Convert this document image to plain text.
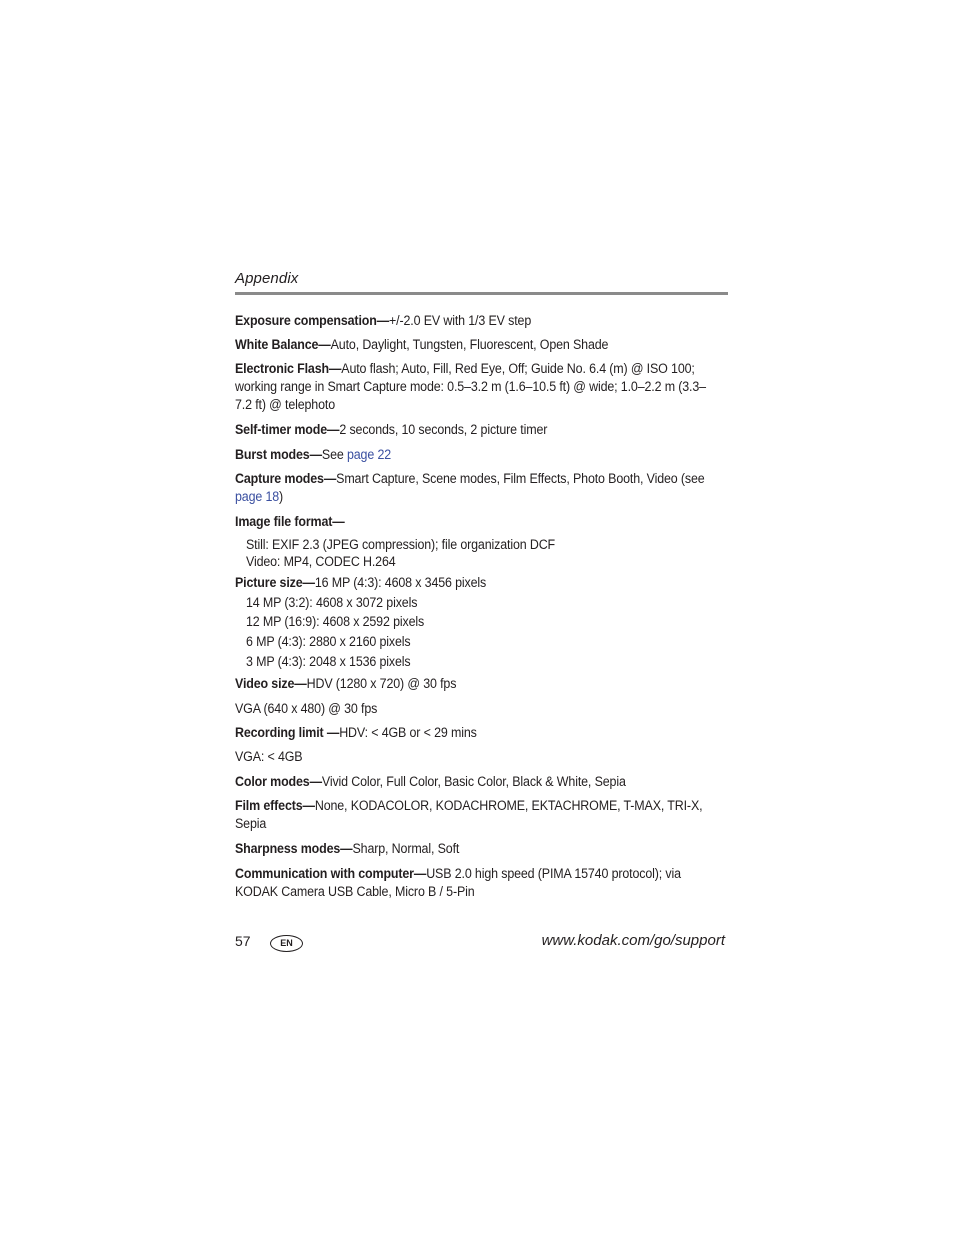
Appendix
Exposure compensation—+/-2.0 EV with 1/3 EV step
White Balance—Auto, Daylight, Tungsten, Fluorescent, Open Shade
Electronic Flash—Auto flash; Auto, Fill, Red Eye, Off; Guide No. 6.4 (m) @ ISO 100; working range in Smart Capture mode: 0.5–3.2 m (1.6–10.5 ft) @ wide; 1.0–2.2 m (3.3–7.2 ft) @ telephoto
Self-timer mode—2 seconds, 10 seconds, 2 picture timer
Burst modes—See page 22
Capture modes—Smart Capture, Scene modes, Film Effects, Photo Booth, Video (see page 18)
Image file format—
Still: EXIF 2.3 (JPEG compression); file organization DCF
Video: MP4, CODEC H.264
Picture size—16 MP (4:3): 4608 x 3456 pixels
14 MP (3:2): 4608 x 3072 pixels
12 MP (16:9): 4608 x 2592 pixels
6 MP (4:3): 2880 x 2160 pixels
3 MP (4:3): 2048 x 1536 pixels
Video size—HDV (1280 x 720) @ 30 fps
VGA (640 x 480) @ 30 fps
Recording limit —HDV: < 4GB or < 29 mins
VGA: < 4GB
Color modes—Vivid Color, Full Color, Basic Color, Black & White, Sepia
Film effects—None, KODACOLOR, KODACHROME, EKTACHROME, T-MAX, TRI-X, Sepia
Sharpness modes—Sharp, Normal, Soft
Communication with computer—USB 2.0 high speed (PIMA 15740 protocol); via KODAK Camera USB Cable, Micro B / 5-Pin
57	EN	www.kodak.com/go/support
